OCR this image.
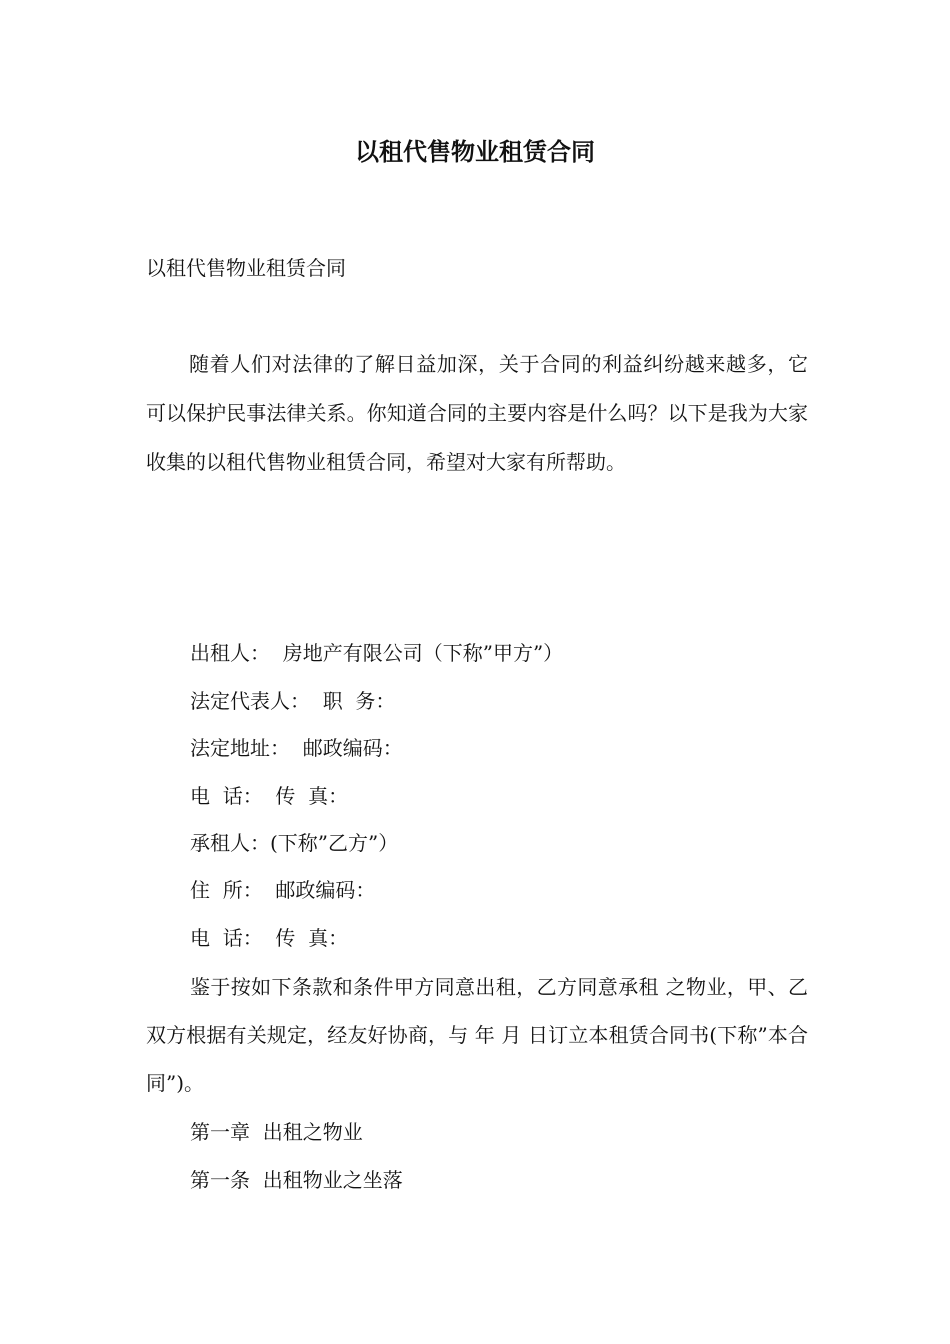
以租代售物业租赁合同
以租代售物业租赁合同

随着人们对法律的了解日益加深，关于合同的利益纠纷越来越多，它可以保护民事法律关系。你知道合同的主要内容是什么吗？以下是我为大家收集的以租代售物业租赁合同，希望对大家有所帮助。

出租人：  房地产有限公司（下称”甲方”）
法定代表人：  职  务：
法定地址：  邮政编码：
电  话：  传  真：
承租人：(下称”乙方”）
住  所：  邮政编码：
电  话：  传  真：

鉴于按如下条款和条件甲方同意出租，乙方同意承租 之物业，甲、乙双方根据有关规定，经友好协商，与 年 月 日订立本租赁合同书(下称”本合同”)。

第一章  出租之物业
第一条  出租物业之坐落
